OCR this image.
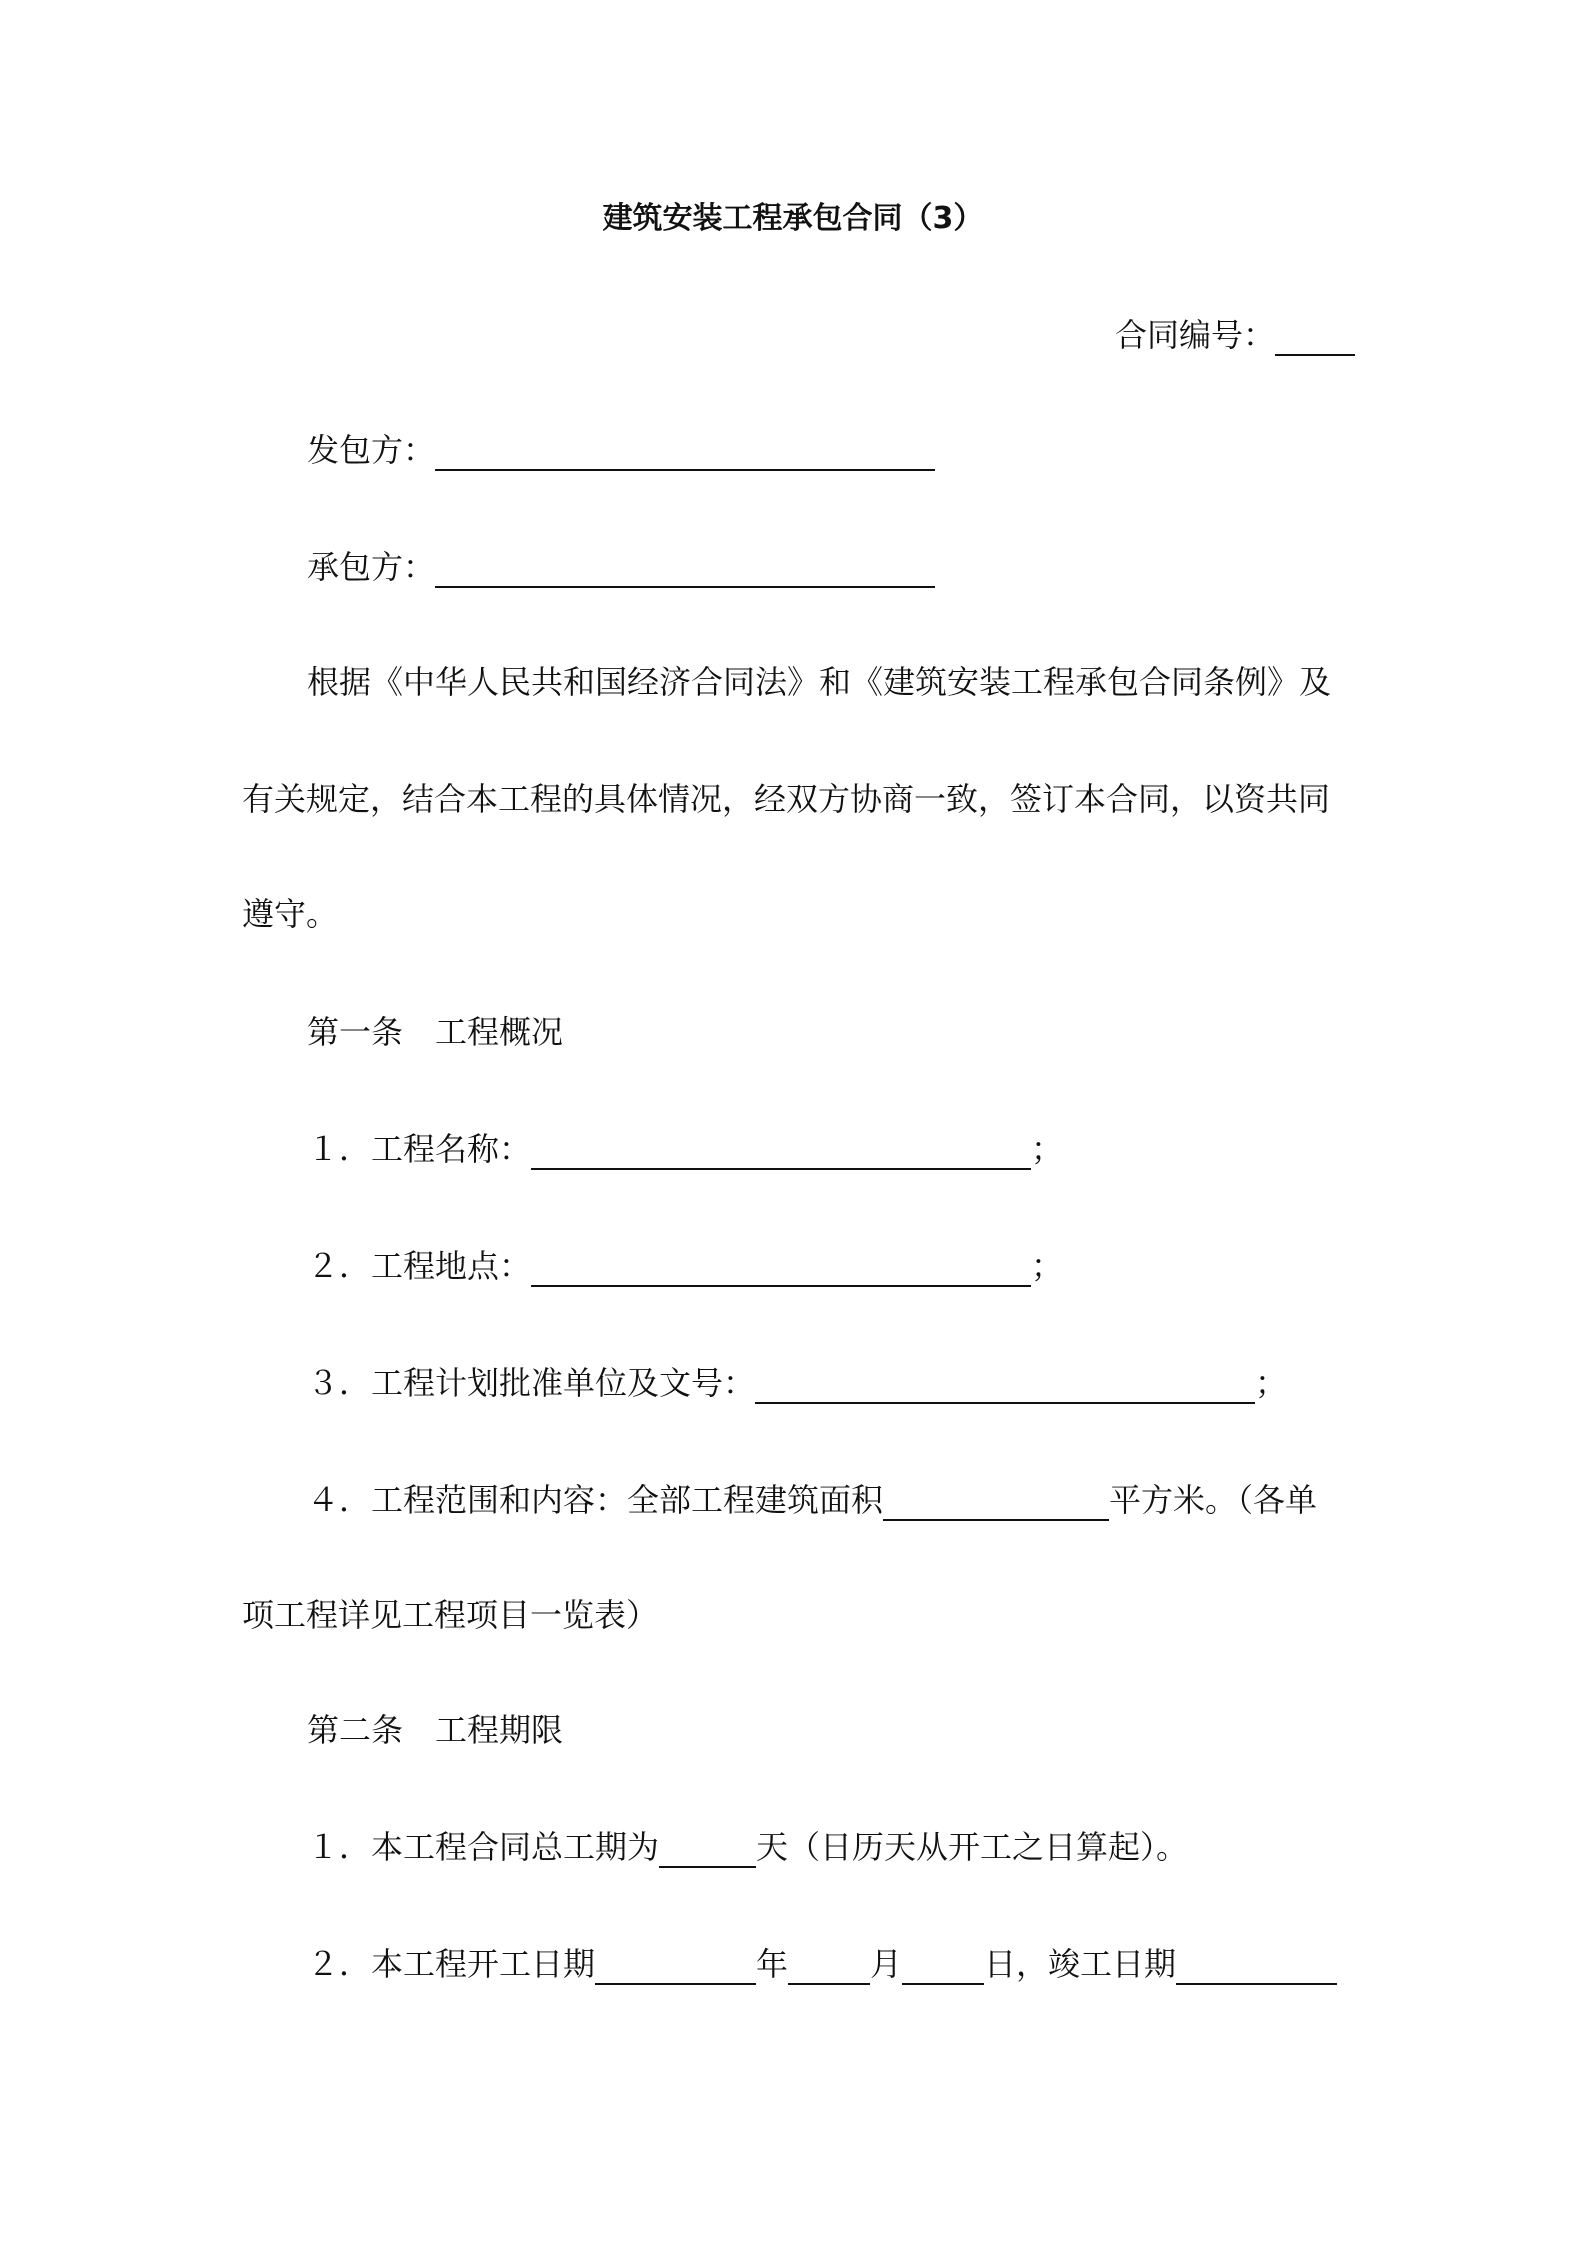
建筑安装工程承包合同（3）
合同编号：
发包方：
承包方：
根据《中华人民共和国经济合同法》和《建筑安装工程承包合同条例》及
有关规定，结合本工程的具体情况，经双方协商一致，签订本合同，以资共同
遵守。
第一条　工程概况
１．工程名称：	；
２．工程地点：	；
３．工程计划批准单位及文号：	；
４．工程范围和内容：全部工程建筑面积	平方米。（各单
项工程详见工程项目一览表）
第二条　工程期限
１．本工程合同总工期为	天（日历天从开工之日算起）。
２．本工程开工日期	年	月	日，竣工日期
